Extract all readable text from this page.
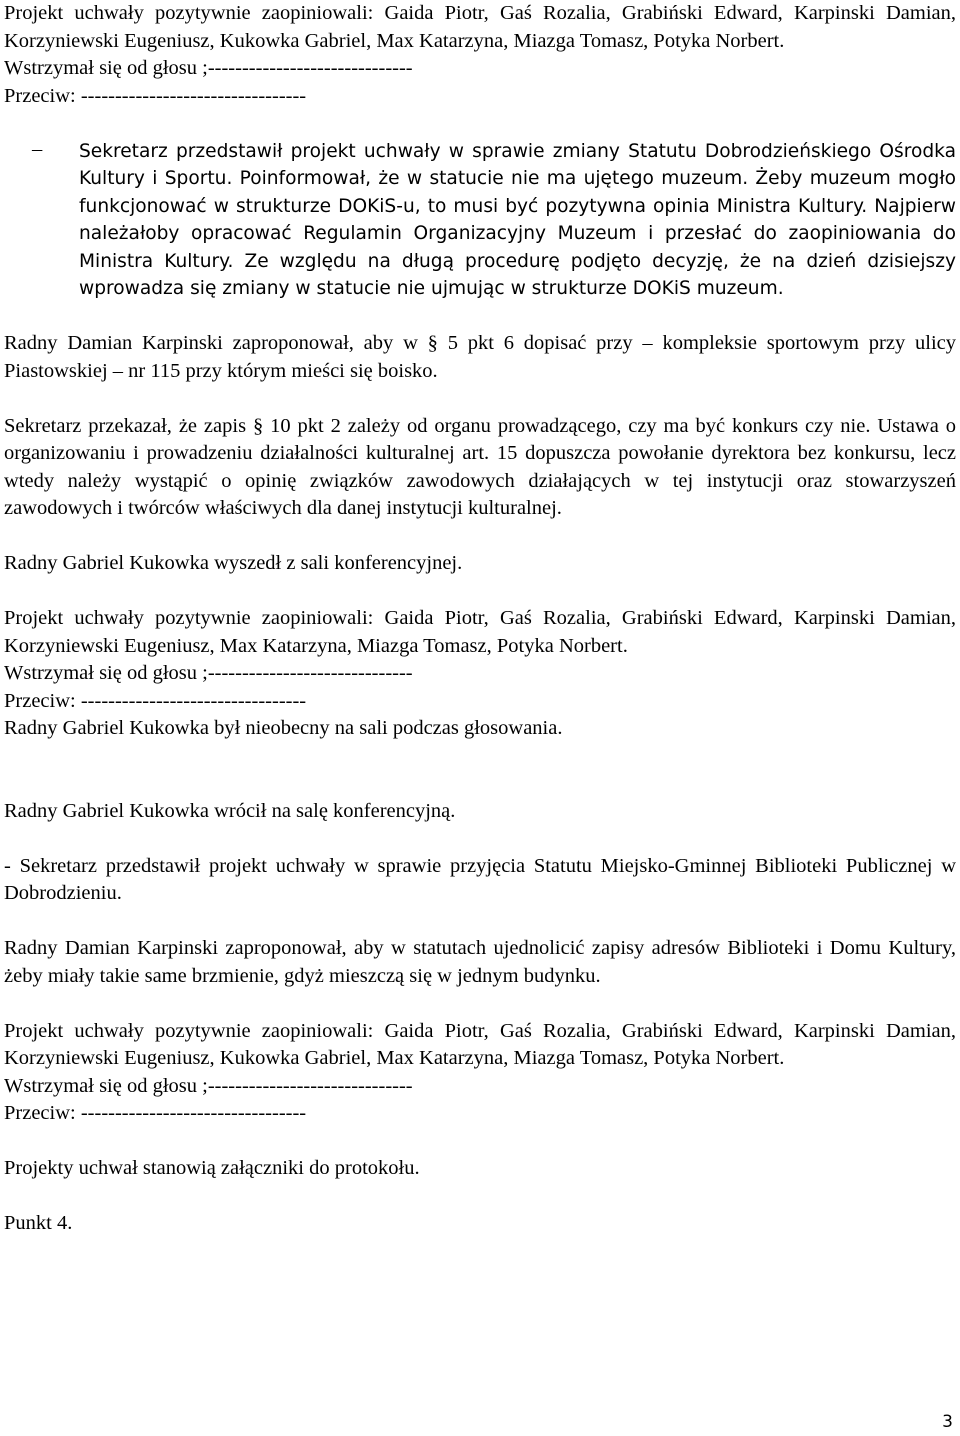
Projekt uchwały pozytywnie zaopiniowali: Gaida Piotr, Gaś Rozalia, Grabiński Edward, Karpinski Damian, Korzyniewski Eugeniusz, Kukowka Gabriel, Max Katarzyna, Miazga Tomasz, Potyka Norbert.

Wstrzymał się od głosu ;------------------------------

Przeciw: ---------------------------------

– Sekretarz przedstawił projekt uchwały w sprawie zmiany Statutu Dobrodzieńskiego Ośrodka Kultury i Sportu. Poinformował, że w statucie nie ma ujętego muzeum. Żeby muzeum mogło funkcjonować w strukturze DOKiS-u, to musi być pozytywna opinia Ministra Kultury. Najpierw należałoby opracować Regulamin Organizacyjny Muzeum i przesłać do zaopiniowania do Ministra Kultury. Ze względu na długą procedurę podjęto decyzję, że na dzień dzisiejszy wprowadza się zmiany w statucie nie ujmując w strukturze DOKiS muzeum.

Radny Damian Karpinski zaproponował, aby w § 5 pkt 6 dopisać przy – kompleksie sportowym przy ulicy Piastowskiej – nr 115 przy którym mieści się boisko.

Sekretarz przekazał, że zapis § 10 pkt 2 zależy od organu prowadzącego, czy ma być konkurs czy nie. Ustawa o organizowaniu i prowadzeniu działalności kulturalnej art. 15 dopuszcza powołanie dyrektora bez konkursu, lecz wtedy należy wystąpić o opinię związków zawodowych działających w tej instytucji oraz stowarzyszeń zawodowych i twórców właściwych dla danej instytucji kulturalnej.

Radny Gabriel Kukowka wyszedł z sali konferencyjnej.

Projekt uchwały pozytywnie zaopiniowali: Gaida Piotr, Gaś Rozalia, Grabiński Edward, Karpinski Damian, Korzyniewski Eugeniusz, Max Katarzyna, Miazga Tomasz, Potyka Norbert.

Wstrzymał się od głosu ;------------------------------

Przeciw: ---------------------------------

Radny Gabriel Kukowka był nieobecny na sali podczas głosowania.

Radny Gabriel Kukowka wrócił na salę konferencyjną.

- Sekretarz przedstawił projekt uchwały w sprawie przyjęcia Statutu Miejsko-Gminnej Biblioteki Publicznej w Dobrodzieniu.

Radny Damian Karpinski zaproponował, aby w statutach ujednolicić zapisy adresów Biblioteki i Domu Kultury, żeby miały takie same brzmienie, gdyż mieszczą się w jednym budynku.

Projekt uchwały pozytywnie zaopiniowali: Gaida Piotr, Gaś Rozalia, Grabiński Edward, Karpinski Damian, Korzyniewski Eugeniusz, Kukowka Gabriel, Max Katarzyna, Miazga Tomasz, Potyka Norbert.

Wstrzymał się od głosu ;------------------------------

Przeciw: ---------------------------------

Projekty uchwał stanowią załączniki do protokołu.

Punkt 4.

3
